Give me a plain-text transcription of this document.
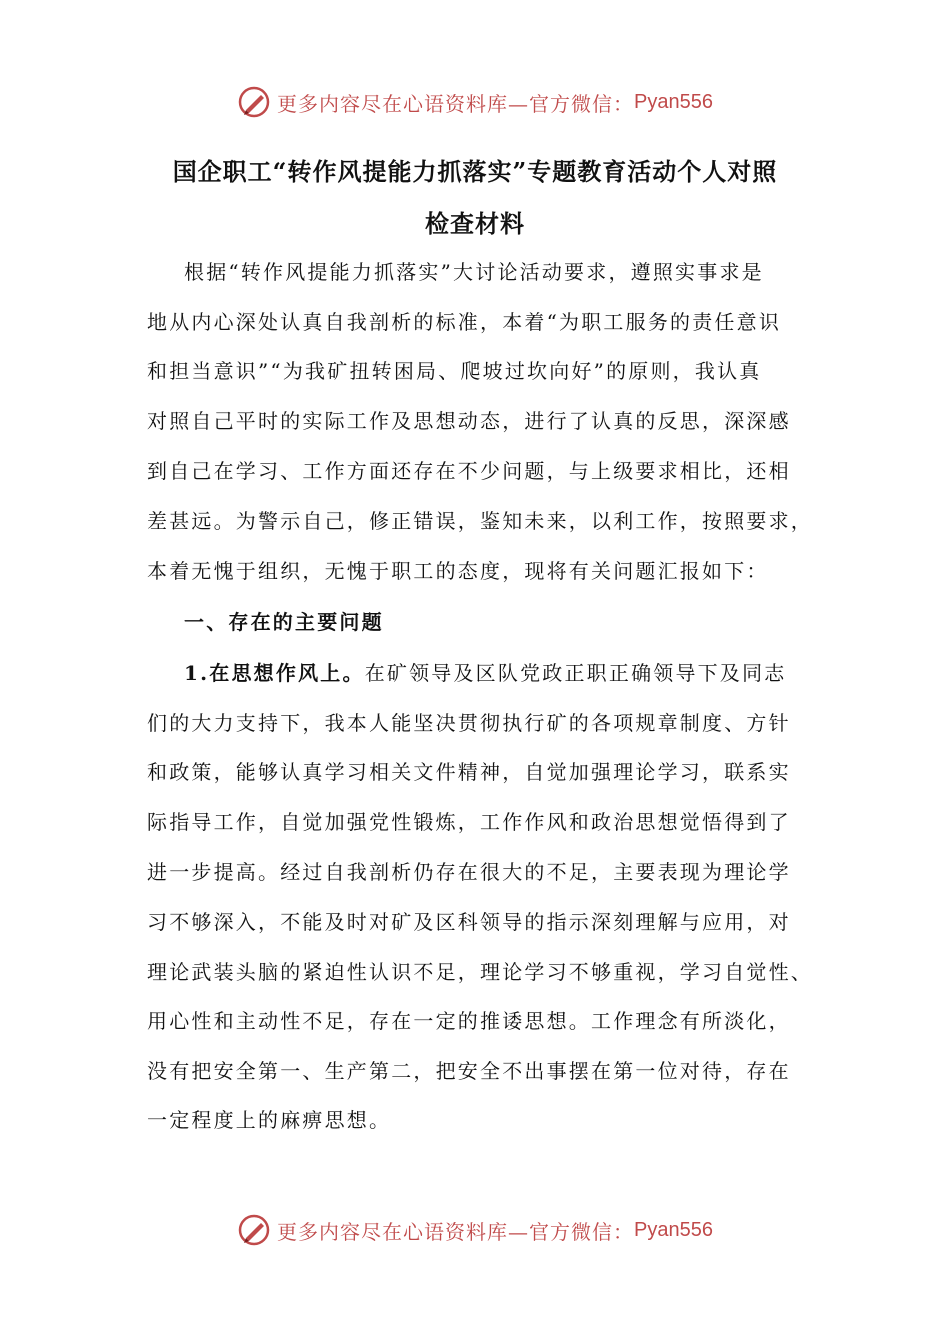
更多内容尽在心语资料库—官方微信： Pyan556
国企职工“转作风提能力抓落实”专题教育活动个人对照
检查材料
根据“转作风提能力抓落实”大讨论活动要求，遵照实事求是
地从内心深处认真自我剖析的标准，本着“为职工服务的责任意识
和担当意识”“为我矿扭转困局、爬坡过坎向好”的原则，我认真
对照自己平时的实际工作及思想动态，进行了认真的反思，深深感
到自己在学习、工作方面还存在不少问题，与上级要求相比，还相
差甚远。为警示自己，修正错误，鉴知未来，以利工作，按照要求，
本着无愧于组织，无愧于职工的态度，现将有关问题汇报如下：
一、存在的主要问题
1.在思想作风上。在矿领导及区队党政正职正确领导下及同志
们的大力支持下，我本人能坚决贯彻执行矿的各项规章制度、方针
和政策，能够认真学习相关文件精神，自觉加强理论学习，联系实
际指导工作，自觉加强党性锻炼，工作作风和政治思想觉悟得到了
进一步提高。经过自我剖析仍存在很大的不足，主要表现为理论学
习不够深入，不能及时对矿及区科领导的指示深刻理解与应用，对
理论武装头脑的紧迫性认识不足，理论学习不够重视，学习自觉性、
用心性和主动性不足，存在一定的推诿思想。工作理念有所淡化，
没有把安全第一、生产第二，把安全不出事摆在第一位对待，存在
一定程度上的麻痹思想。
更多内容尽在心语资料库—官方微信： Pyan556
